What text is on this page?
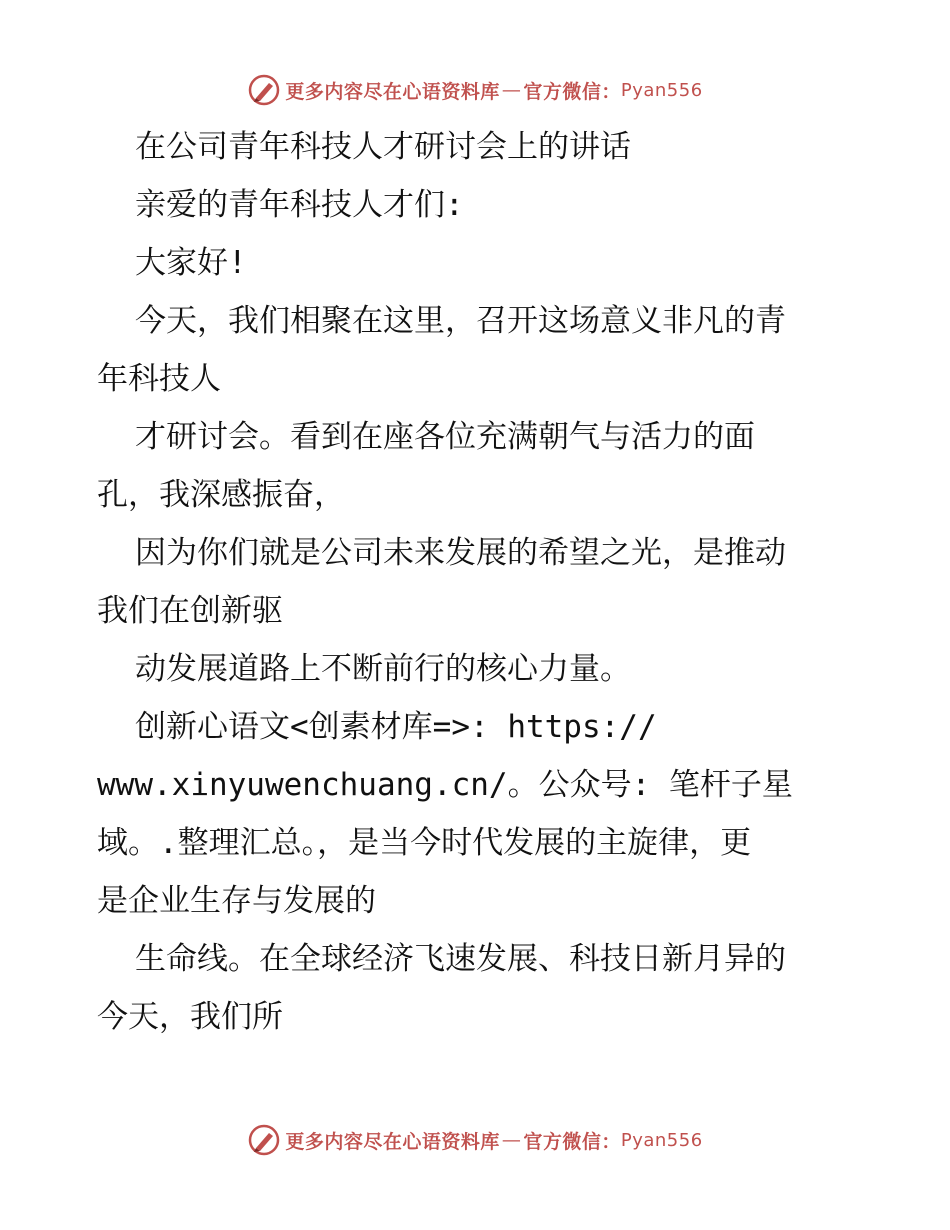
更多内容尽在心语资料库 — 官方微信： Pyan556

在公司青年科技人才研讨会上的讲话

亲爱的青年科技人才们:

大家好!

今天，我们相聚在这里，召开这场意义非凡的青

年科技人

才研讨会。看到在座各位充满朝气与活力的面

孔，我深感振奋，

因为你们就是公司未来发展的希望之光，是推动

我们在创新驱

动发展道路上不断前行的核心力量。

创新心语文<创素材库=>: https://

www.xinyuwenchuang.cn/。公众号: 笔杆子星

域。.整理汇总。，是当今时代发展的主旋律，更

是企业生存与发展的

生命线。在全球经济飞速发展、科技日新月异的

今天，我们所

更多内容尽在心语资料库 — 官方微信： Pyan556
